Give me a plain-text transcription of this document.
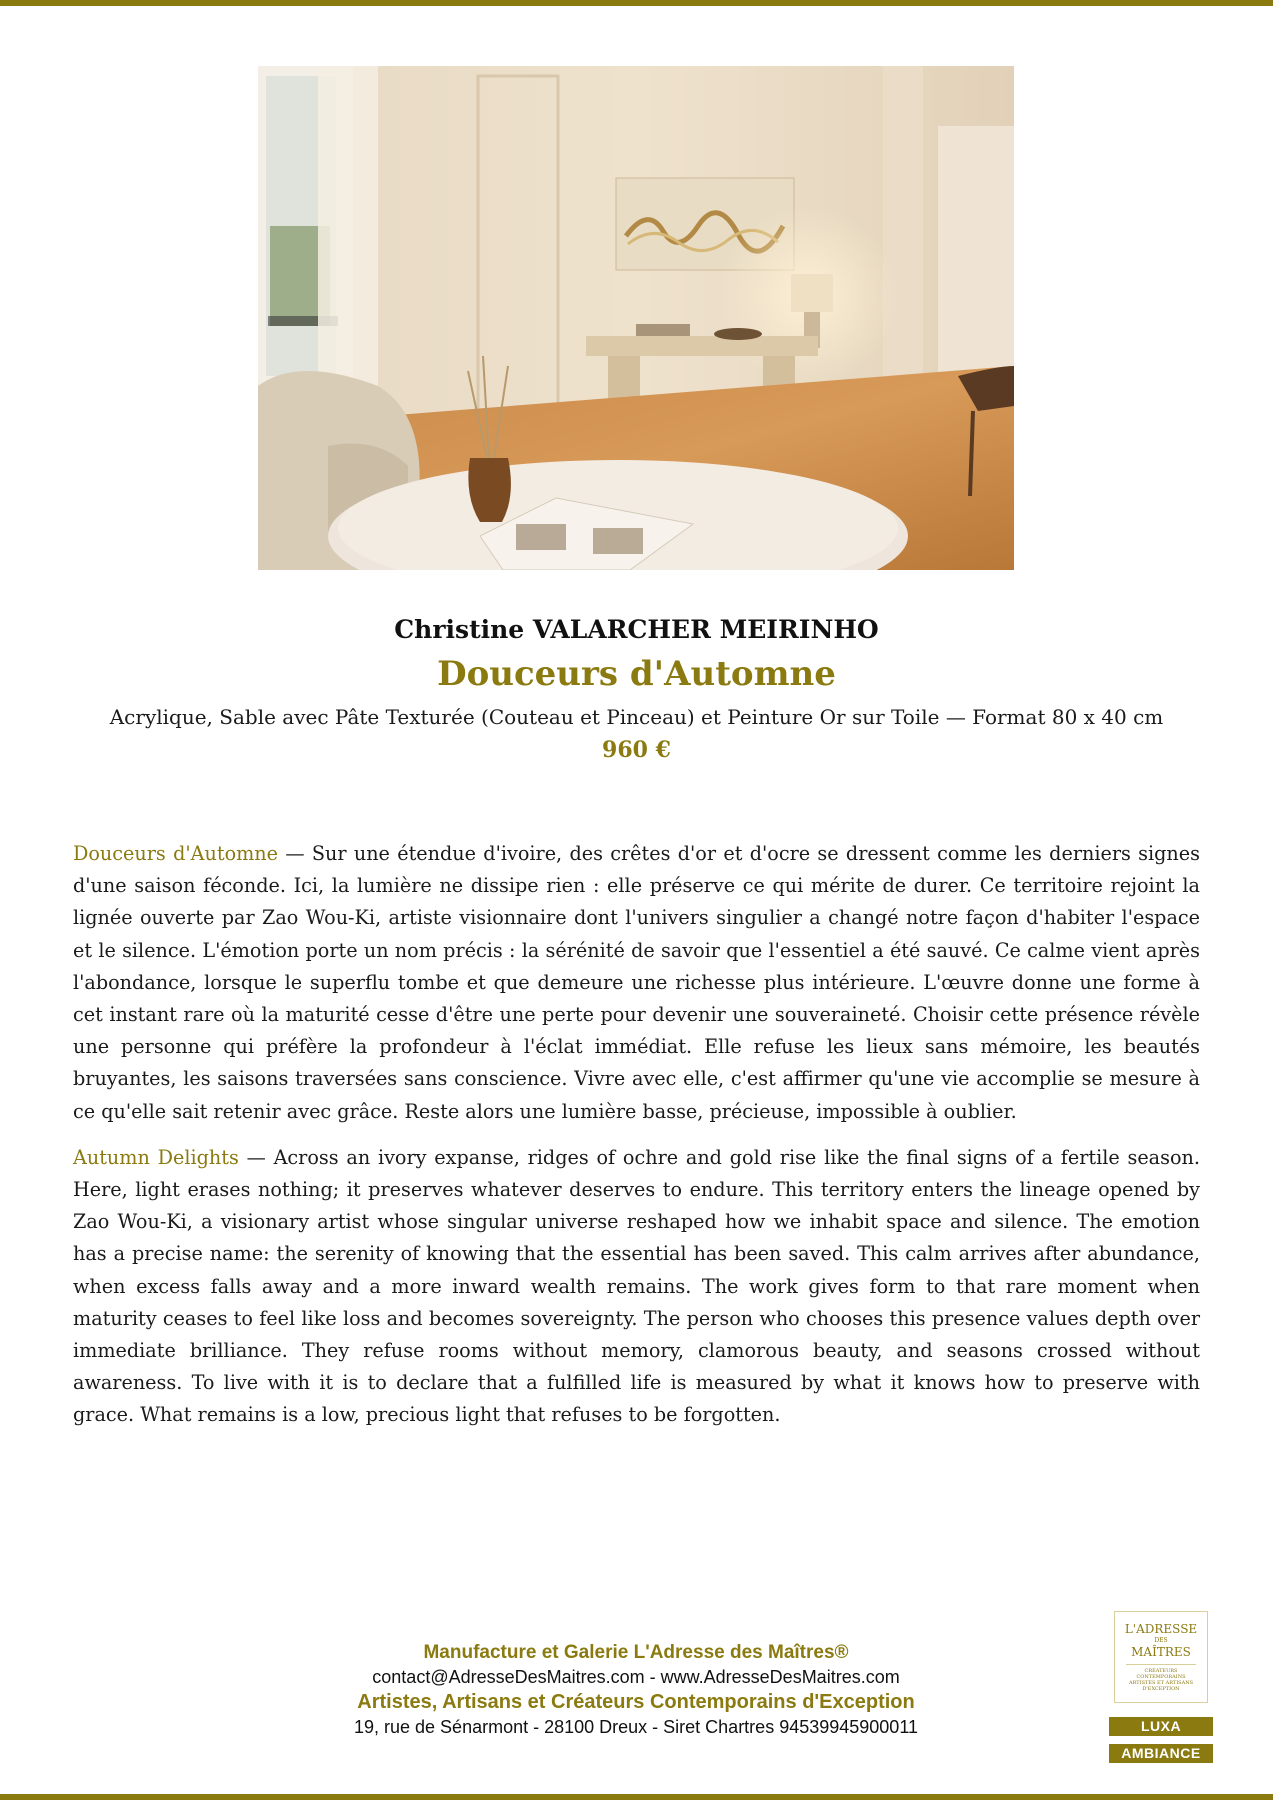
Christine VALARCHER MEIRINHO

Douceurs d'Automne

Acrylique, Sable avec Pâte Texturée (Couteau et Pinceau) et Peinture Or sur Toile — Format 80 x 40 cm

960 €

Douceurs d'Automne — Sur une étendue d'ivoire, des crêtes d'or et d'ocre se dressent comme les derniers signes d'une saison féconde. Ici, la lumière ne dissipe rien : elle préserve ce qui mérite de durer. Ce territoire rejoint la lignée ouverte par Zao Wou-Ki, artiste visionnaire dont l'univers singulier a changé notre façon d'habiter l'espace et le silence. L'émotion porte un nom précis : la sérénité de savoir que l'essentiel a été sauvé. Ce calme vient après l'abondance, lorsque le superflu tombe et que demeure une richesse plus intérieure. L'œuvre donne une forme à cet instant rare où la maturité cesse d'être une perte pour devenir une souveraineté. Choisir cette présence révèle une personne qui préfère la profondeur à l'éclat immédiat. Elle refuse les lieux sans mémoire, les beautés bruyantes, les saisons traversées sans conscience. Vivre avec elle, c'est affirmer qu'une vie accomplie se mesure à ce qu'elle sait retenir avec grâce. Reste alors une lumière basse, précieuse, impossible à oublier.

Autumn Delights — Across an ivory expanse, ridges of ochre and gold rise like the final signs of a fertile season. Here, light erases nothing; it preserves whatever deserves to endure. This territory enters the lineage opened by Zao Wou-Ki, a visionary artist whose singular universe reshaped how we inhabit space and silence. The emotion has a precise name: the serenity of knowing that the essential has been saved. This calm arrives after abundance, when excess falls away and a more inward wealth remains. The work gives form to that rare moment when maturity ceases to feel like loss and becomes sovereignty. The person who chooses this presence values depth over immediate brilliance. They refuse rooms without memory, clamorous beauty, and seasons crossed without awareness. To live with it is to declare that a fulfilled life is measured by what it knows how to preserve with grace. What remains is a low, precious light that refuses to be forgotten.

Manufacture et Galerie L'Adresse des Maîtres®
contact@AdresseDesMaitres.com - www.AdresseDesMaitres.com
Artistes, Artisans et Créateurs Contemporains d'Exception
19, rue de Sénarmont - 28100 Dreux - Siret Chartres 94539945900011
L'ADRESSE
DES
MAÎTRES
CRÉATEURS CONTEMPORAINS ARTISTES ET ARTISANS D'EXCEPTION
LUXA
AMBIANCE
